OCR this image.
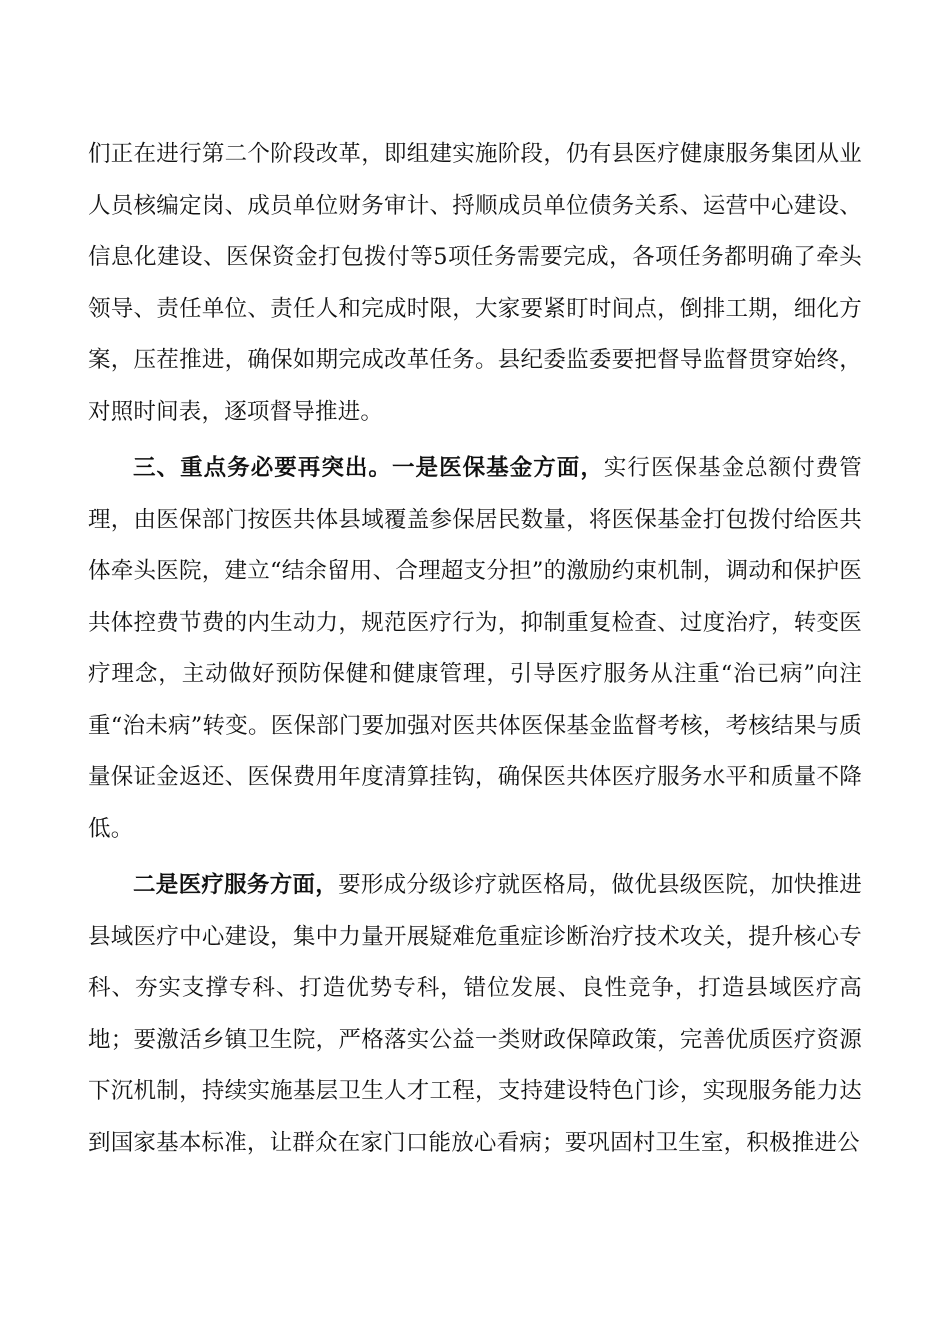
们正在进行第二个阶段改革，即组建实施阶段，仍有县医疗健康服务集团从业人员核编定岗、成员单位财务审计、捋顺成员单位债务关系、运营中心建设、信息化建设、医保资金打包拨付等5项任务需要完成，各项任务都明确了牵头领导、责任单位、责任人和完成时限，大家要紧盯时间点，倒排工期，细化方案，压茬推进，确保如期完成改革任务。县纪委监委要把督导监督贯穿始终，对照时间表，逐项督导推进。

三、重点务必要再突出。一是医保基金方面，实行医保基金总额付费管理，由医保部门按医共体县域覆盖参保居民数量，将医保基金打包拨付给医共体牵头医院，建立“结余留用、合理超支分担”的激励约束机制，调动和保护医共体控费节费的内生动力，规范医疗行为，抑制重复检查、过度治疗，转变医疗理念，主动做好预防保健和健康管理，引导医疗服务从注重“治已病”向注重“治未病”转变。医保部门要加强对医共体医保基金监督考核，考核结果与质量保证金返还、医保费用年度清算挂钩，确保医共体医疗服务水平和质量不降低。

二是医疗服务方面，要形成分级诊疗就医格局，做优县级医院，加快推进县域医疗中心建设，集中力量开展疑难危重症诊断治疗技术攻关，提升核心专科、夯实支撑专科、打造优势专科，错位发展、良性竞争，打造县域医疗高地；要激活乡镇卫生院，严格落实公益一类财政保障政策，完善优质医疗资源下沉机制，持续实施基层卫生人才工程，支持建设特色门诊，实现服务能力达到国家基本标准，让群众在家门口能放心看病；要巩固村卫生室，积极推进公
